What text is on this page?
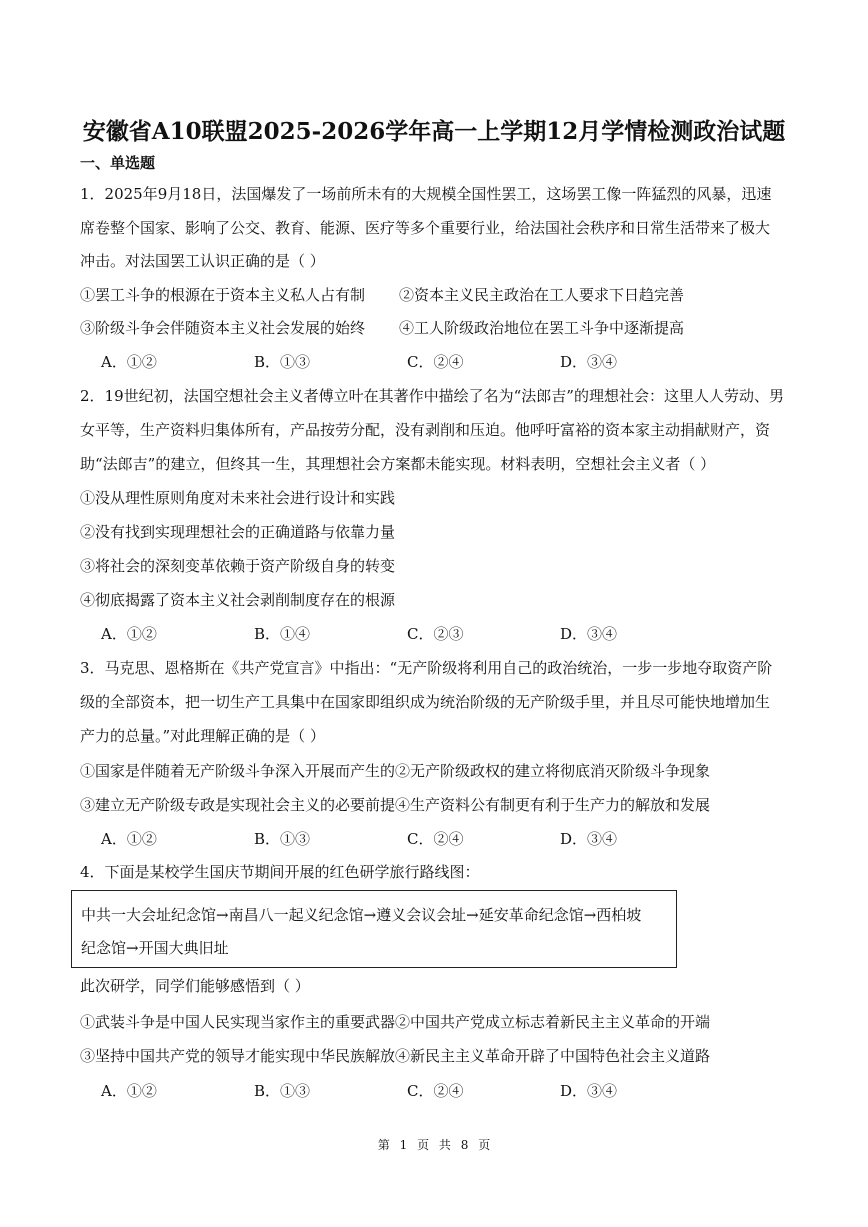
安徽省A10联盟2025-2026学年高一上学期12月学情检测政治试题
一、单选题
1．2025年9月18日，法国爆发了一场前所未有的大规模全国性罢工，这场罢工像一阵猛烈的风暴，迅速
席卷整个国家、影响了公交、教育、能源、医疗等多个重要行业，给法国社会秩序和日常生活带来了极大
冲击。对法国罢工认识正确的是（ ）
①罢工斗争的根源在于资本主义私人占有制 ②资本主义民主政治在工人要求下日趋完善
③阶级斗争会伴随资本主义社会发展的始终 ④工人阶级政治地位在罢工斗争中逐渐提高
A．①②	B．①③	C．②④	D．③④
2．19世纪初，法国空想社会主义者傅立叶在其著作中描绘了名为“法郎吉”的理想社会：这里人人劳动、男
女平等，生产资料归集体所有，产品按劳分配，没有剥削和压迫。他呼吁富裕的资本家主动捐献财产，资
助“法郎吉”的建立，但终其一生，其理想社会方案都未能实现。材料表明，空想社会主义者（ ）
①没从理性原则角度对未来社会进行设计和实践
②没有找到实现理想社会的正确道路与依靠力量
③将社会的深刻变革依赖于资产阶级自身的转变
④彻底揭露了资本主义社会剥削制度存在的根源
A．①②	B．①④	C．②③	D．③④
3．马克思、恩格斯在《共产党宣言》中指出：“无产阶级将利用自己的政治统治，一步一步地夺取资产阶
级的全部资本，把一切生产工具集中在国家即组织成为统治阶级的无产阶级手里，并且尽可能快地增加生
产力的总量。”对此理解正确的是（ ）
①国家是伴随着无产阶级斗争深入开展而产生的②无产阶级政权的建立将彻底消灭阶级斗争现象
③建立无产阶级专政是实现社会主义的必要前提④生产资料公有制更有利于生产力的解放和发展
A．①②	B．①③	C．②④	D．③④
4．下面是某校学生国庆节期间开展的红色研学旅行路线图：
中共一大会址纪念馆→南昌八一起义纪念馆→遵义会议会址→延安革命纪念馆→西柏坡
纪念馆→开国大典旧址
此次研学，同学们能够感悟到（ ）
①武装斗争是中国人民实现当家作主的重要武器②中国共产党成立标志着新民主主义革命的开端
③坚持中国共产党的领导才能实现中华民族解放④新民主主义革命开辟了中国特色社会主义道路
A．①②	B．①③	C．②④	D．③④
第 1 页 共 8 页
